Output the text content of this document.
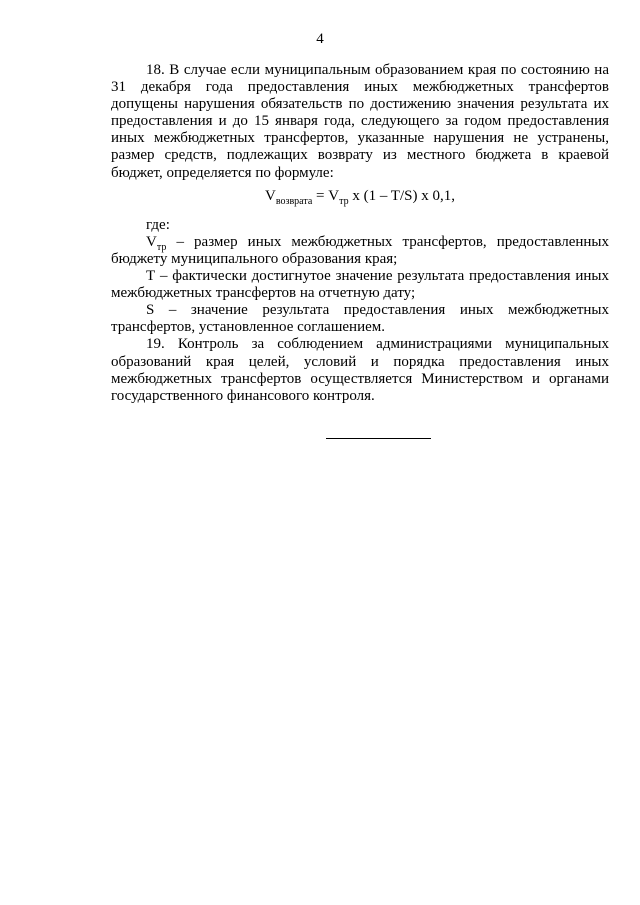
4

18. В случае если муниципальным образованием края по состоянию на 31 декабря года предоставления иных межбюджетных трансфертов допущены нарушения обязательств по достижению значения результата их предоставления и до 15 января года, следующего за годом предоставления иных межбюджетных трансфертов, указанные нарушения не устранены, размер средств, подлежащих возврату из местного бюджета в краевой бюджет, определяется по формуле:

$V_{возврата} = V_{тр}$ x (1 – T/S) x 0,1,

где:

$V_{тр}$ – размер иных межбюджетных трансфертов, предоставленных бюджету муниципального образования края;

Т – фактически достигнутое значение результата предоставления иных межбюджетных трансфертов на отчетную дату;

S – значение результата предоставления иных межбюджетных трансфертов, установленное соглашением.

19. Контроль за соблюдением администрациями муниципальных образований края целей, условий и порядка предоставления иных межбюджетных трансфертов осуществляется Министерством и органами государственного финансового контроля.
